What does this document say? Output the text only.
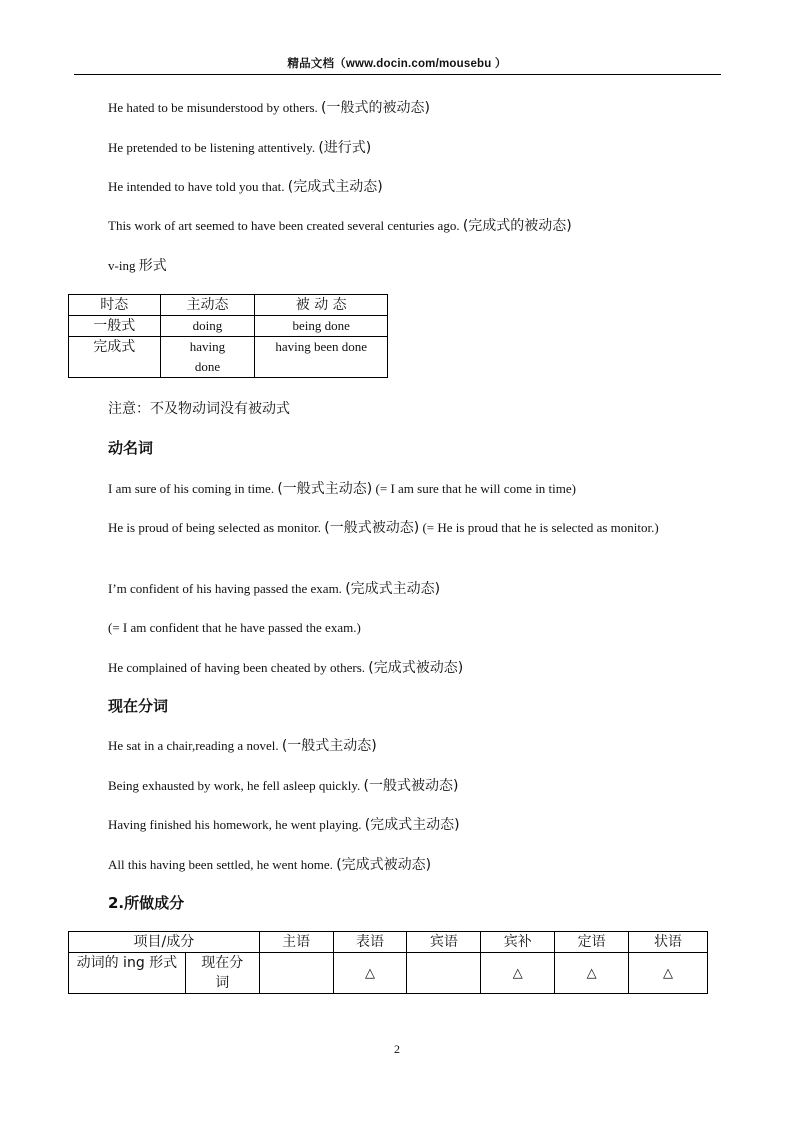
精品文档（www.docin.com/mousebu ）
He hated to be misunderstood by others. (一般式的被动态)
He pretended to be listening attentively. (进行式)
He intended to have told you that. (完成式主动态)
This work of art seemed to have been created several centuries ago. (完成式的被动态)
v-ing 形式
时态	主动态	被 动 态
一般式	doing	being done
完成式	having done	having been done
注意：不及物动词没有被动式
动名词
I am sure of his coming in time. (一般式主动态) (= I am sure that he will come in time)
He is proud of being selected as monitor. (一般式被动态) (= He is proud that he is selected as monitor.)
I’m confident of his having passed the exam. (完成式主动态)
(= I am confident that he have passed the exam.)
He complained of having been cheated by others. (完成式被动态)
现在分词
He sat in a chair,reading a novel. (一般式主动态)
Being exhausted by work, he fell asleep quickly. (一般式被动态)
Having finished his homework, he went playing. (完成式主动态)
All this having been settled, he went home. (完成式被动态)
2.所做成分
项目/成分		主语	表语	宾语	宾补	定语	状语
动词的 ing 形式	现在分词		△		△	△	△
2
